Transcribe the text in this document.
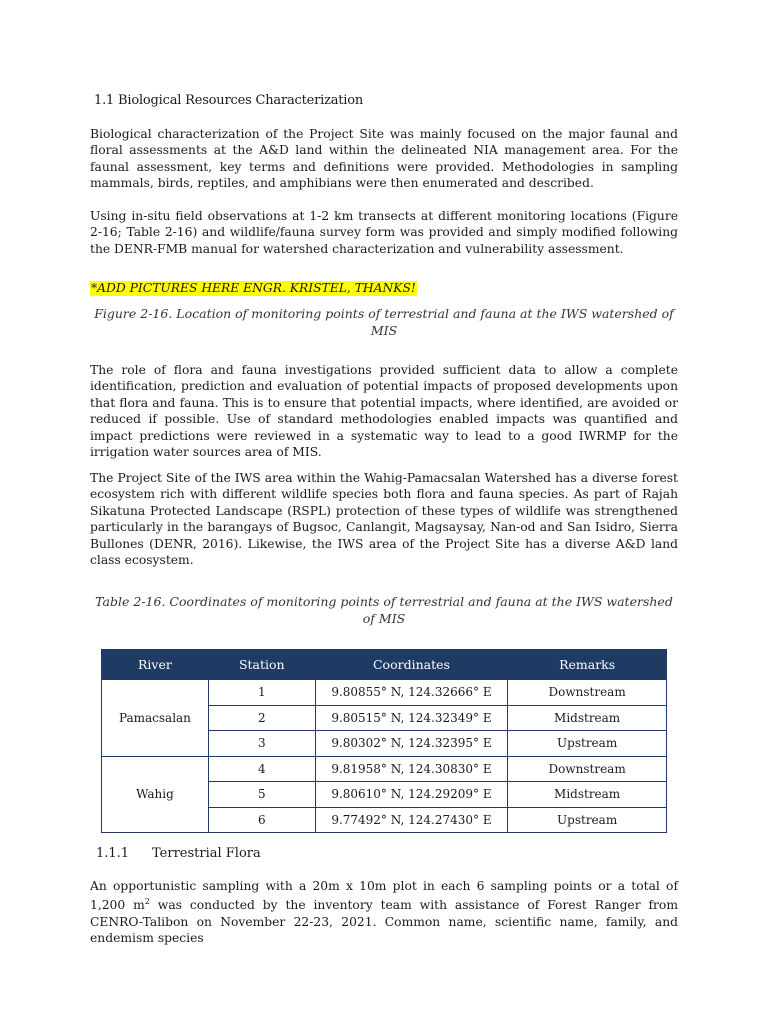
1.1 Biological Resources Characterization

Biological characterization of the Project Site was mainly focused on the major faunal and floral assessments at the A&D land within the delineated NIA management area. For the faunal assessment, key terms and definitions were provided. Methodologies in sampling mammals, birds, reptiles, and amphibians were then enumerated and described.

Using in-situ field observations at 1-2 km transects at different monitoring locations (Figure 2-16; Table 2-16) and wildlife/fauna survey form was provided and simply modified following the DENR-FMB manual for watershed characterization and vulnerability assessment.

*ADD PICTURES HERE ENGR. KRISTEL, THANKS!
Figure 2-16. Location of monitoring points of terrestrial and fauna at the IWS watershed of MIS

The role of flora and fauna investigations provided sufficient data to allow a complete identification, prediction and evaluation of potential impacts of proposed developments upon that flora and fauna. This is to ensure that potential impacts, where identified, are avoided or reduced if possible. Use of standard methodologies enabled impacts was quantified and impact predictions were reviewed in a systematic way to lead to a good IWRMP for the irrigation water sources area of MIS.

The Project Site of the IWS area within the Wahig-Pamacsalan Watershed has a diverse forest ecosystem rich with different wildlife species both flora and fauna species. As part of Rajah Sikatuna Protected Landscape (RSPL) protection of these types of wildlife was strengthened particularly in the barangays of Bugsoc, Canlangit, Magsaysay, Nan-od and San Isidro, Sierra Bullones (DENR, 2016). Likewise, the IWS area of the Project Site has a diverse A&D land class ecosystem.

Table 2-16. Coordinates of monitoring points of terrestrial and fauna at the IWS watershed of MIS
River	Station	Coordinates	Remarks
Pamacsalan	1	9.80855° N, 124.32666° E	Downstream
	2	9.80515° N, 124.32349° E	Midstream
	3	9.80302° N, 124.32395° E	Upstream
Wahig	4	9.81958° N, 124.30830° E	Downstream
	5	9.80610° N, 124.29209° E	Midstream
	6	9.77492° N, 124.27430° E	Upstream
1.1.1 Terrestrial Flora

An opportunistic sampling with a 20m x 10m plot in each 6 sampling points or a total of 1,200 $m^2$ was conducted by the inventory team with assistance of Forest Ranger from CENRO-Talibon on November 22-23, 2021. Common name, scientific name, family, and endemism species
